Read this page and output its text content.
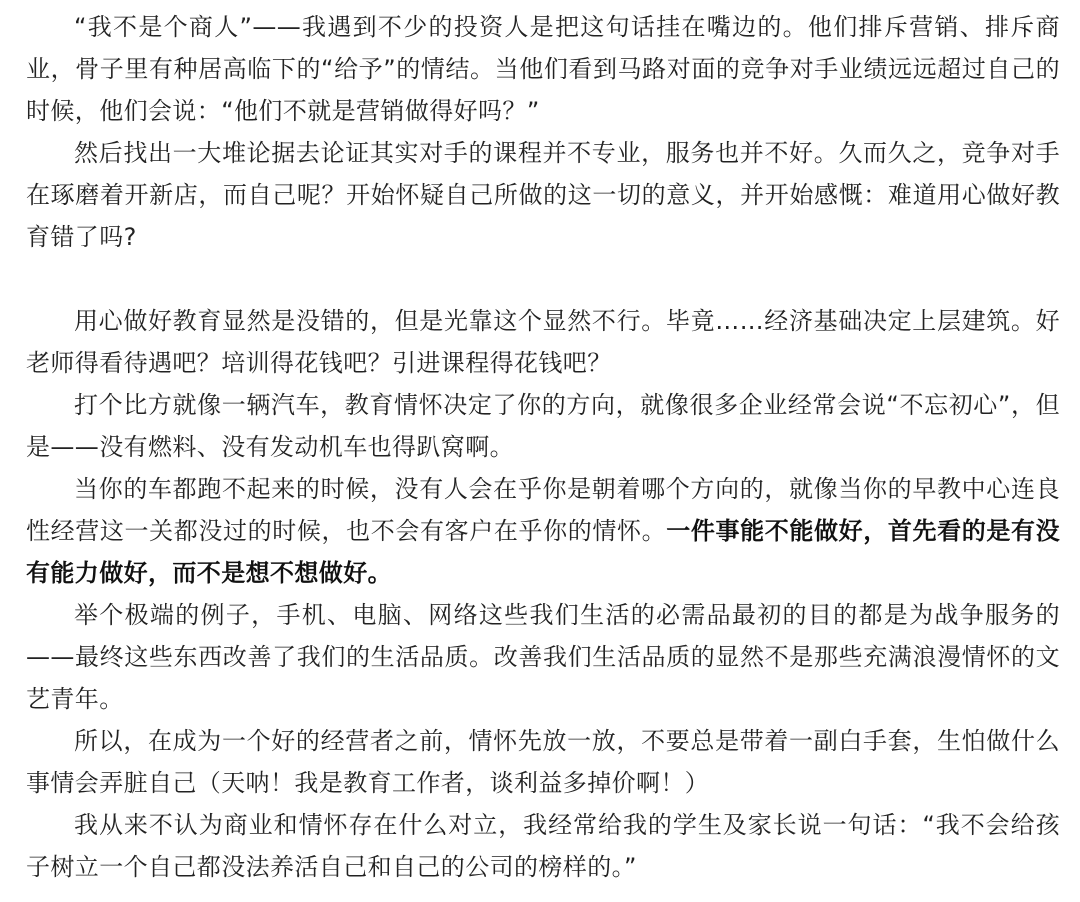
“我不是个商人”——我遇到不少的投资人是把这句话挂在嘴边的。他们排斥营销、排斥商业，骨子里有种居高临下的“给予”的情结。当他们看到马路对面的竞争对手业绩远远超过自己的时候，他们会说：“他们不就是营销做得好吗？”

然后找出一大堆论据去论证其实对手的课程并不专业，服务也并不好。久而久之，竞争对手在琢磨着开新店，而自己呢？开始怀疑自己所做的这一切的意义，并开始感慨：难道用心做好教育错了吗?

用心做好教育显然是没错的，但是光靠这个显然不行。毕竟……经济基础决定上层建筑。好老师得看待遇吧？培训得花钱吧？引进课程得花钱吧？

打个比方就像一辆汽车，教育情怀决定了你的方向，就像很多企业经常会说“不忘初心”，但是——没有燃料、没有发动机车也得趴窝啊。

当你的车都跑不起来的时候，没有人会在乎你是朝着哪个方向的，就像当你的早教中心连良性经营这一关都没过的时候，也不会有客户在乎你的情怀。一件事能不能做好，首先看的是有没有能力做好，而不是想不想做好。

举个极端的例子，手机、电脑、网络这些我们生活的必需品最初的目的都是为战争服务的——最终这些东西改善了我们的生活品质。改善我们生活品质的显然不是那些充满浪漫情怀的文艺青年。

所以，在成为一个好的经营者之前，情怀先放一放，不要总是带着一副白手套，生怕做什么事情会弄脏自己（天呐！我是教育工作者，谈利益多掉价啊！）

我从来不认为商业和情怀存在什么对立，我经常给我的学生及家长说一句话：“我不会给孩子树立一个自己都没法养活自己和自己的公司的榜样的。”
